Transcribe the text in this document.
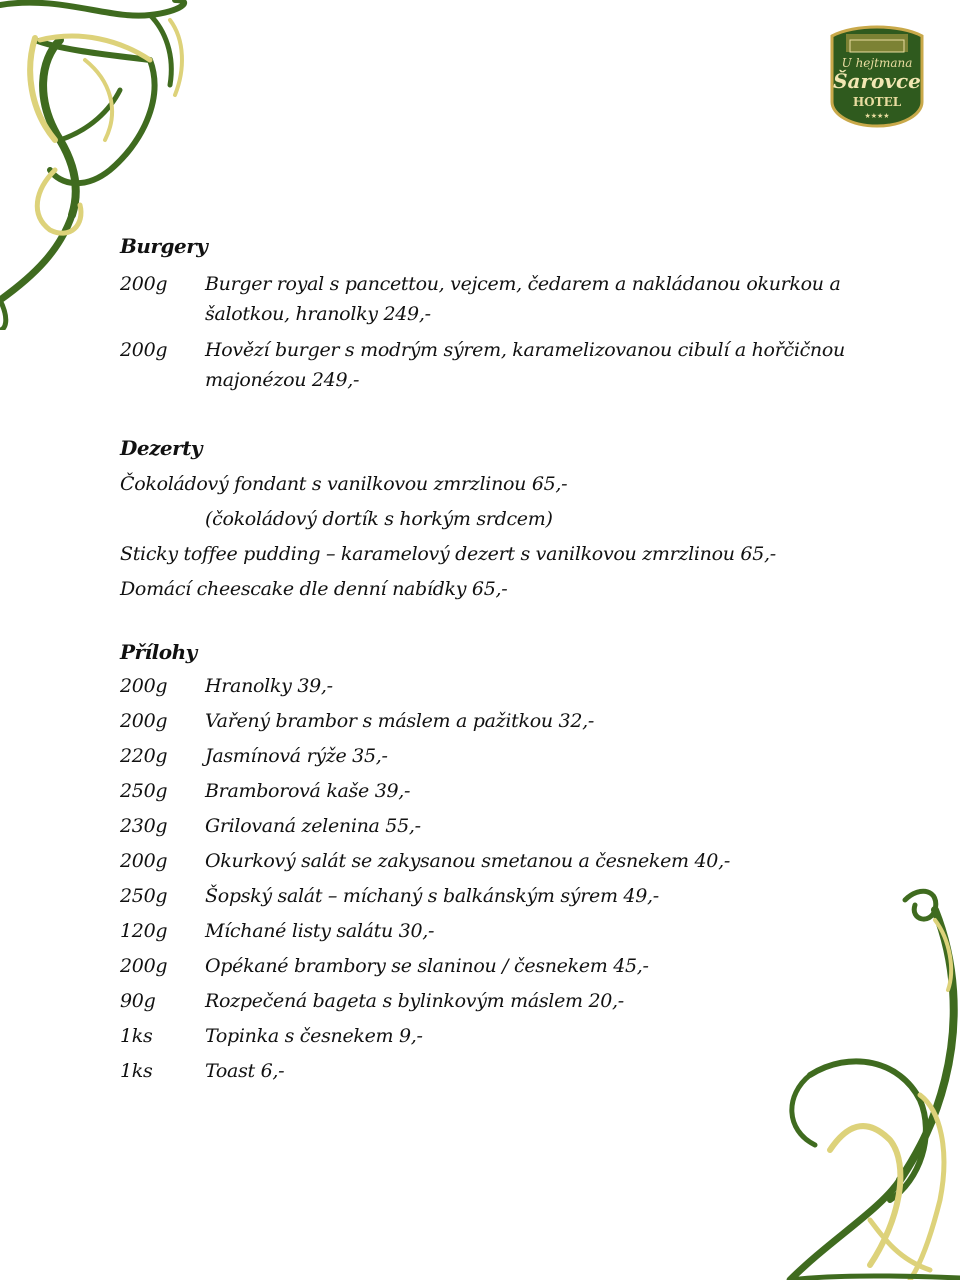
U hejtmana
Šarovce
HOTEL
★★★★
Burgery
200g	Burger royal s pancettou, vejcem, čedarem a nakládanou okurkou a šalotkou, hranolky 249,-
200g	Hovězí burger s modrým sýrem, karamelizovanou cibulí a hořčičnou majonézou 249,-
Dezerty
Čokoládový fondant s vanilkovou zmrzlinou 65,-
(čokoládový dortík s horkým srdcem)
Sticky toffee pudding – karamelový dezert s vanilkovou zmrzlinou 65,-
Domácí cheescake dle denní nabídky 65,-
Přílohy
200g	Hranolky 39,-
200g	Vařený brambor s máslem a pažitkou 32,-
220g	Jasmínová rýže 35,-
250g	Bramborová kaše 39,-
230g	Grilovaná zelenina 55,-
200g	Okurkový salát se zakysanou smetanou a česnekem 40,-
250g	Šopský salát – míchaný s balkánským sýrem 49,-
120g	Míchané listy salátu 30,-
200g	Opékané brambory se slaninou / česnekem 45,-
90g	Rozpečená bageta s bylinkovým máslem 20,-
1ks	Topinka s česnekem 9,-
1ks	Toast 6,-
